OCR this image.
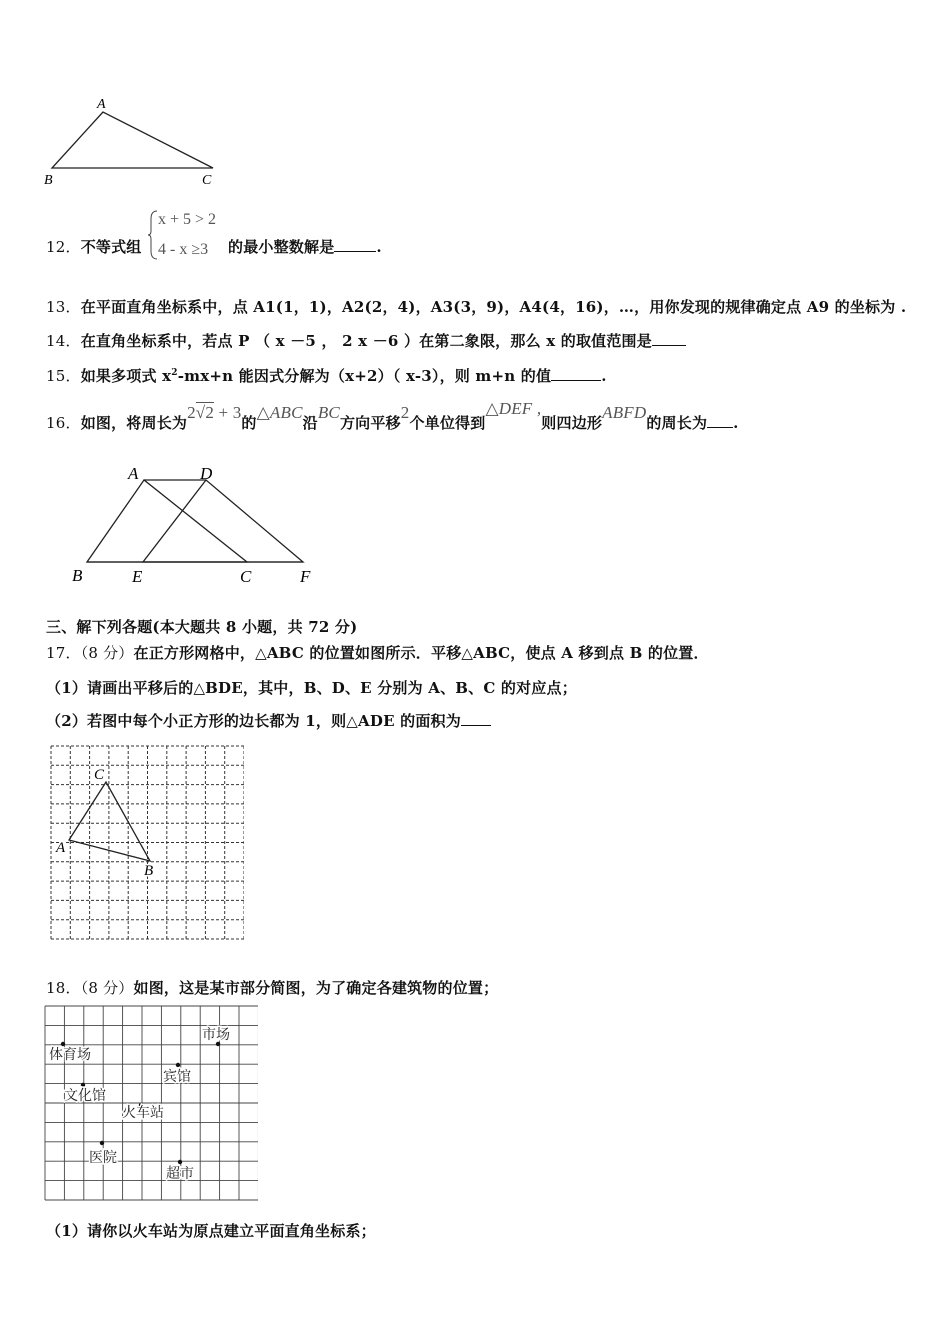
A
B	C
12．不等式组
x + 5 > 2
4 - x ≥3 的最小整数解是	.
13．在平面直角坐标系中，点 A1(1，1)，A2(2，4)，A3(3，9)，A4(4，16)，…，用你发现的规律确定点 A9 的坐标为 .
14．在直角坐标系中，若点 P （ x －5 ， 2 x －6 ）在第二象限，那么 x 的取值范围是
15．如果多项式 $x^2-mx+n$ 能因式分解为（x+2）（ x-3），则 m+n 的值	.
16．如图，将周长为2√2 + 3的△ABC沿BC方向平移2个单位得到△DEF ,则四边形ABFD的周长为 .
A	D
B	E	C	F
三、解下列各题(本大题共 8 小题，共 72 分)
17．（8 分）在正方形网格中，△ABC 的位置如图所示．平移△ABC，使点 A 移到点 B 的位置．
（1）请画出平移后的△BDE，其中，B、D、E 分别为 A、B、C 的对应点；
（2）若图中每个小正方形的边长都为 1，则△ADE 的面积为
C
A
B
18．（8 分）如图，这是某市部分简图，为了确定各建筑物的位置；
市场
体育场
宾馆
文化馆
火车站
医院
超市
（1）请你以火车站为原点建立平面直角坐标系；
